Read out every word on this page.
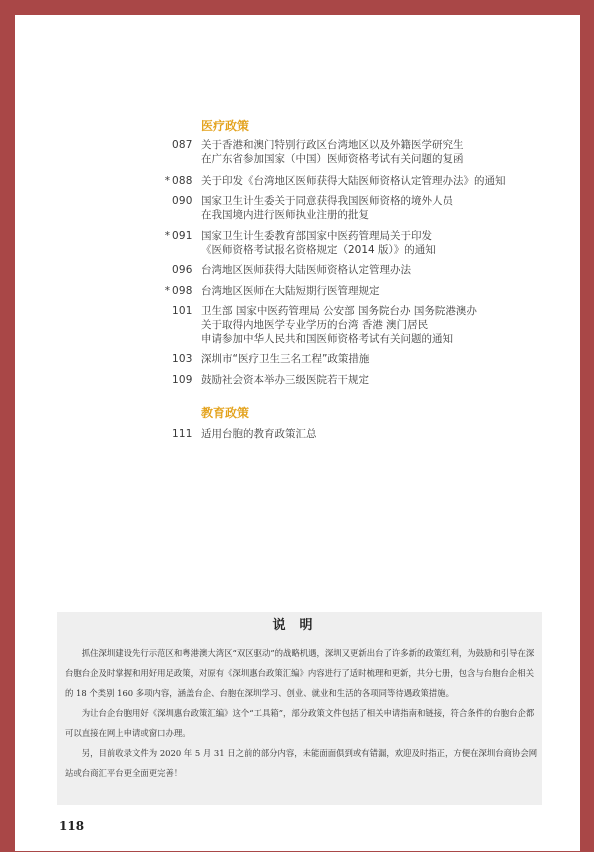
医疗政策
087 关于香港和澳门特别行政区台湾地区以及外籍医学研究生
在广东省参加国家（中国）医师资格考试有关问题的复函
* 088 关于印发《台湾地区医师获得大陆医师资格认定管理办法》的通知
090 国家卫生计生委关于同意获得我国医师资格的境外人员
在我国境内进行医师执业注册的批复
* 091 国家卫生计生委教育部国家中医药管理局关于印发
《医师资格考试报名资格规定（2014 版）》的通知
096 台湾地区医师获得大陆医师资格认定管理办法
* 098 台湾地区医师在大陆短期行医管理规定
101 卫生部 国家中医药管理局 公安部 国务院台办 国务院港澳办
关于取得内地医学专业学历的台湾 香港 澳门居民
申请参加中华人民共和国医师资格考试有关问题的通知
103 深圳市“医疗卫生三名工程”政策措施
109 鼓励社会资本举办三级医院若干规定
教育政策
111 适用台胞的教育政策汇总
说明

抓住深圳建设先行示范区和粤港澳大湾区“双区驱动”的战略机遇，深圳又更新出台了许多新的政策红利，为鼓励和引导在深台胞台企及时掌握和用好用足政策，对原有《深圳惠台政策汇编》内容进行了适时梳理和更新，共分七册，包含与台胞台企相关的 18 个类别 160 多项内容，涵盖台企、台胞在深圳学习、创业、就业和生活的各项同等待遇政策措施。

为让台企台胞用好《深圳惠台政策汇编》这个“工具箱”，部分政策文件包括了相关申请指南和链接，符合条件的台胞台企都可以直接在网上申请或窗口办理。

另，目前收录文件为 2020 年 5 月 31 日之前的部分内容，未能面面俱到或有错漏，欢迎及时指正，方便在深圳台商协会网站或台商汇平台更全面更完善！

118
